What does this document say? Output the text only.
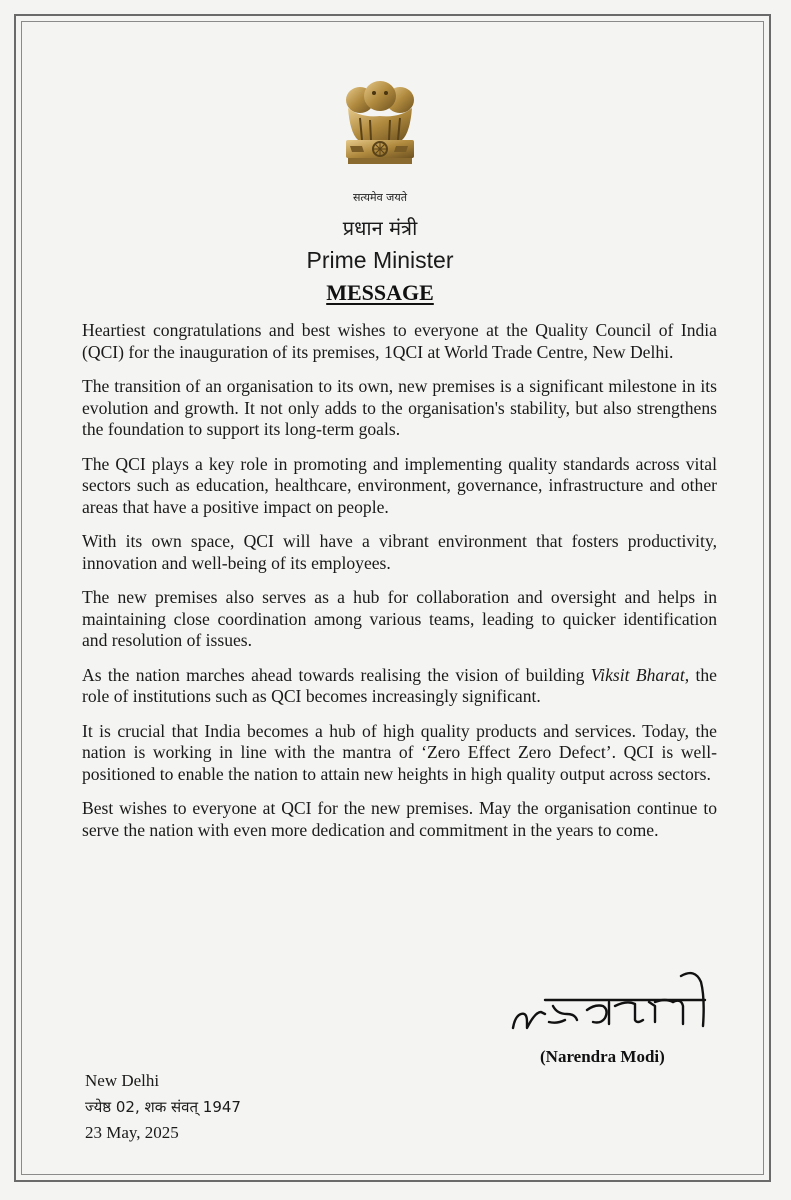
सत्यमेव जयते
प्रधान मंत्री
Prime Minister
MESSAGE

Heartiest congratulations and best wishes to everyone at the Quality Council of India (QCI) for the inauguration of its premises, 1QCI at World Trade Centre, New Delhi.

The transition of an organisation to its own, new premises is a significant milestone in its evolution and growth. It not only adds to the organisation's stability, but also strengthens the foundation to support its long-term goals.

The QCI plays a key role in promoting and implementing quality standards across vital sectors such as education, healthcare, environment, governance, infrastructure and other areas that have a positive impact on people.

With its own space, QCI will have a vibrant environment that fosters productivity, innovation and well-being of its employees.

The new premises also serves as a hub for collaboration and oversight and helps in maintaining close coordination among various teams, leading to quicker identification and resolution of issues.

As the nation marches ahead towards realising the vision of building Viksit Bharat, the role of institutions such as QCI becomes increasingly significant.

It is crucial that India becomes a hub of high quality products and services. Today, the nation is working in line with the mantra of ‘Zero Effect Zero Defect’. QCI is well-positioned to enable the nation to attain new heights in high quality output across sectors.

Best wishes to everyone at QCI for the new premises. May the organisation continue to serve the nation with even more dedication and commitment in the years to come.

(Narendra Modi)
New Delhi
ज्येष्ठ 02, शक संवत् 1947
23 May, 2025
